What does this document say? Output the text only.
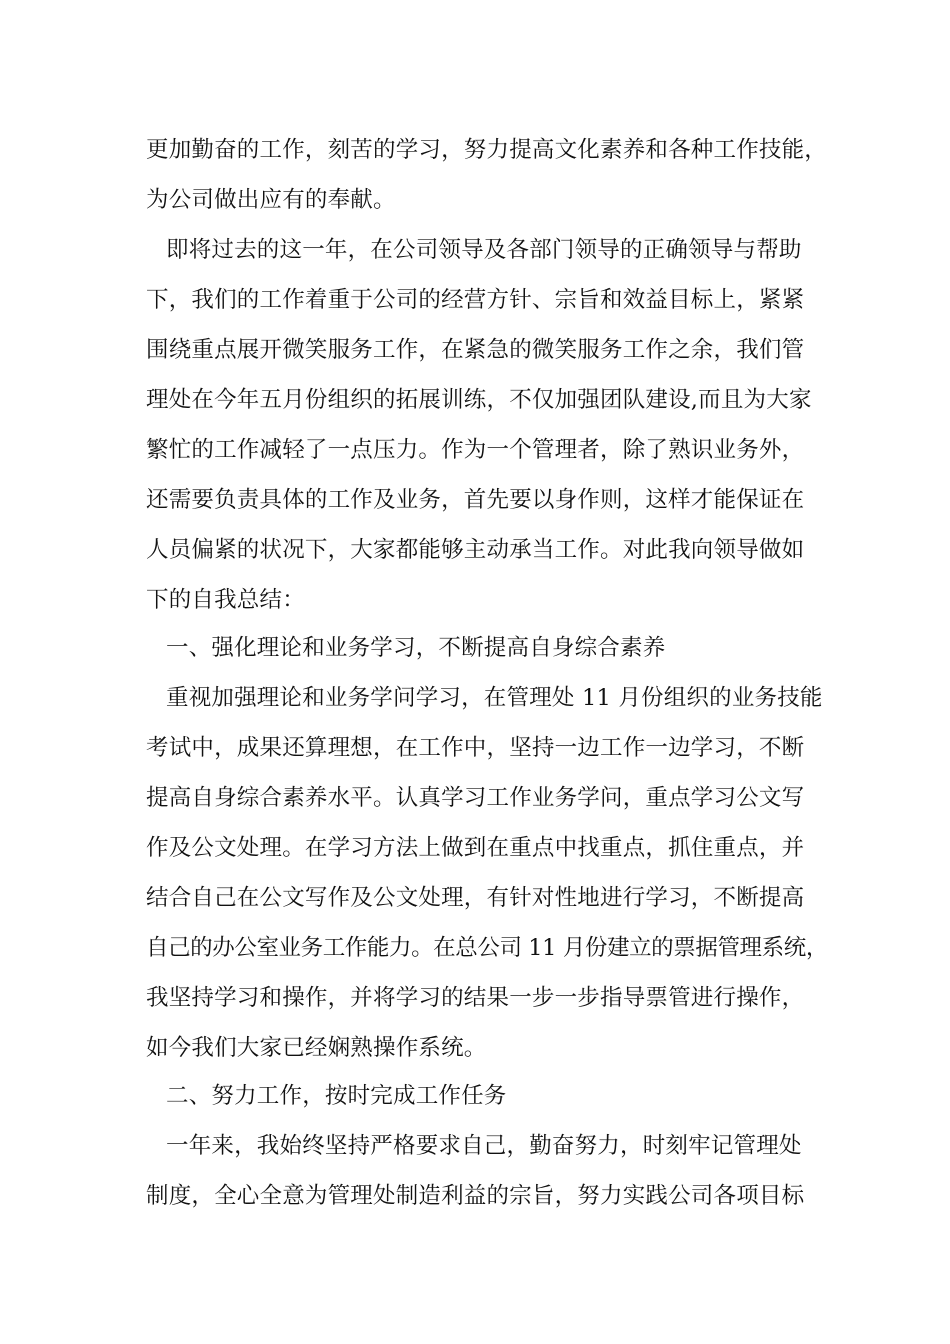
更加勤奋的工作，刻苦的学习，努力提高文化素养和各种工作技能，
为公司做出应有的奉献。
即将过去的这一年，在公司领导及各部门领导的正确领导与帮助
下，我们的工作着重于公司的经营方针、宗旨和效益目标上，紧紧
围绕重点展开微笑服务工作，在紧急的微笑服务工作之余，我们管
理处在今年五月份组织的拓展训练，不仅加强团队建设,而且为大家
繁忙的工作减轻了一点压力。作为一个管理者，除了熟识业务外，
还需要负责具体的工作及业务，首先要以身作则，这样才能保证在
人员偏紧的状况下，大家都能够主动承当工作。对此我向领导做如
下的自我总结：
一、强化理论和业务学习，不断提高自身综合素养
重视加强理论和业务学问学习，在管理处 11 月份组织的业务技能
考试中，成果还算理想，在工作中，坚持一边工作一边学习，不断
提高自身综合素养水平。认真学习工作业务学问，重点学习公文写
作及公文处理。在学习方法上做到在重点中找重点，抓住重点，并
结合自己在公文写作及公文处理，有针对性地进行学习，不断提高
自己的办公室业务工作能力。在总公司 11 月份建立的票据管理系统，
我坚持学习和操作，并将学习的结果一步一步指导票管进行操作，
如今我们大家已经娴熟操作系统。
二、努力工作，按时完成工作任务
一年来，我始终坚持严格要求自己，勤奋努力，时刻牢记管理处
制度，全心全意为管理处制造利益的宗旨，努力实践公司各项目标
